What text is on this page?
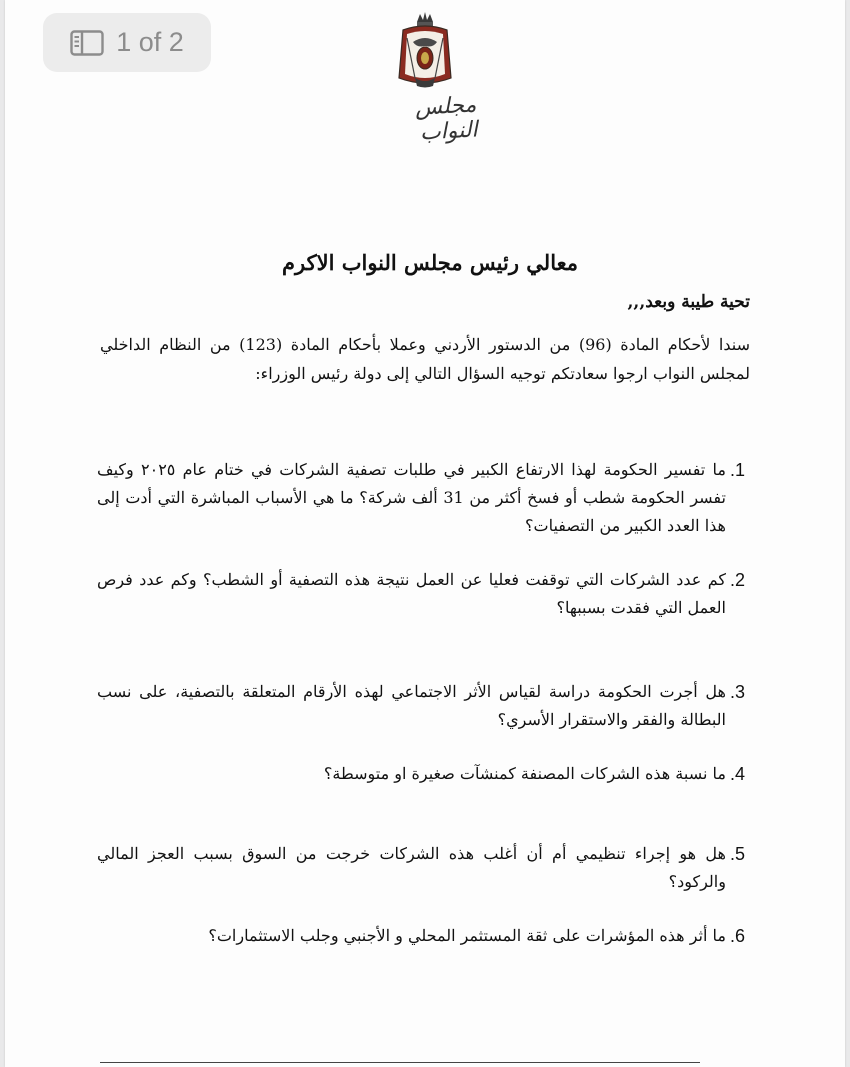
1 of 2
مجلس النواب
معالي رئيس مجلس النواب الاكرم
تحية طيبة وبعد,,,
سندا لأحكام المادة (96) من الدستور الأردني وعملا بأحكام المادة (123) من النظام الداخلي لمجلس النواب ارجوا سعادتكم توجيه السؤال التالي إلى دولة رئيس الوزراء:
1.
ما تفسير الحكومة لهذا الارتفاع الكبير في طلبات تصفية الشركات في ختام عام ٢٠٢٥ وكيف تفسر الحكومة شطب أو فسخ أكثر من 31 ألف شركة؟ ما هي الأسباب المباشرة التي أدت إلى هذا العدد الكبير من التصفيات؟
2.
كم عدد الشركات التي توقفت فعليا عن العمل نتيجة هذه التصفية أو الشطب؟ وكم عدد فرص العمل التي فقدت بسببها؟
3.
هل أجرت الحكومة دراسة لقياس الأثر الاجتماعي لهذه الأرقام المتعلقة بالتصفية، على نسب البطالة والفقر والاستقرار الأسري؟
4.
ما نسبة هذه الشركات المصنفة كمنشآت صغيرة او متوسطة؟
5.
هل هو إجراء تنظيمي أم أن أغلب هذه الشركات خرجت من السوق بسبب العجز المالي والركود؟
6.
ما أثر هذه المؤشرات على ثقة المستثمر المحلي و الأجنبي وجلب الاستثمارات؟
